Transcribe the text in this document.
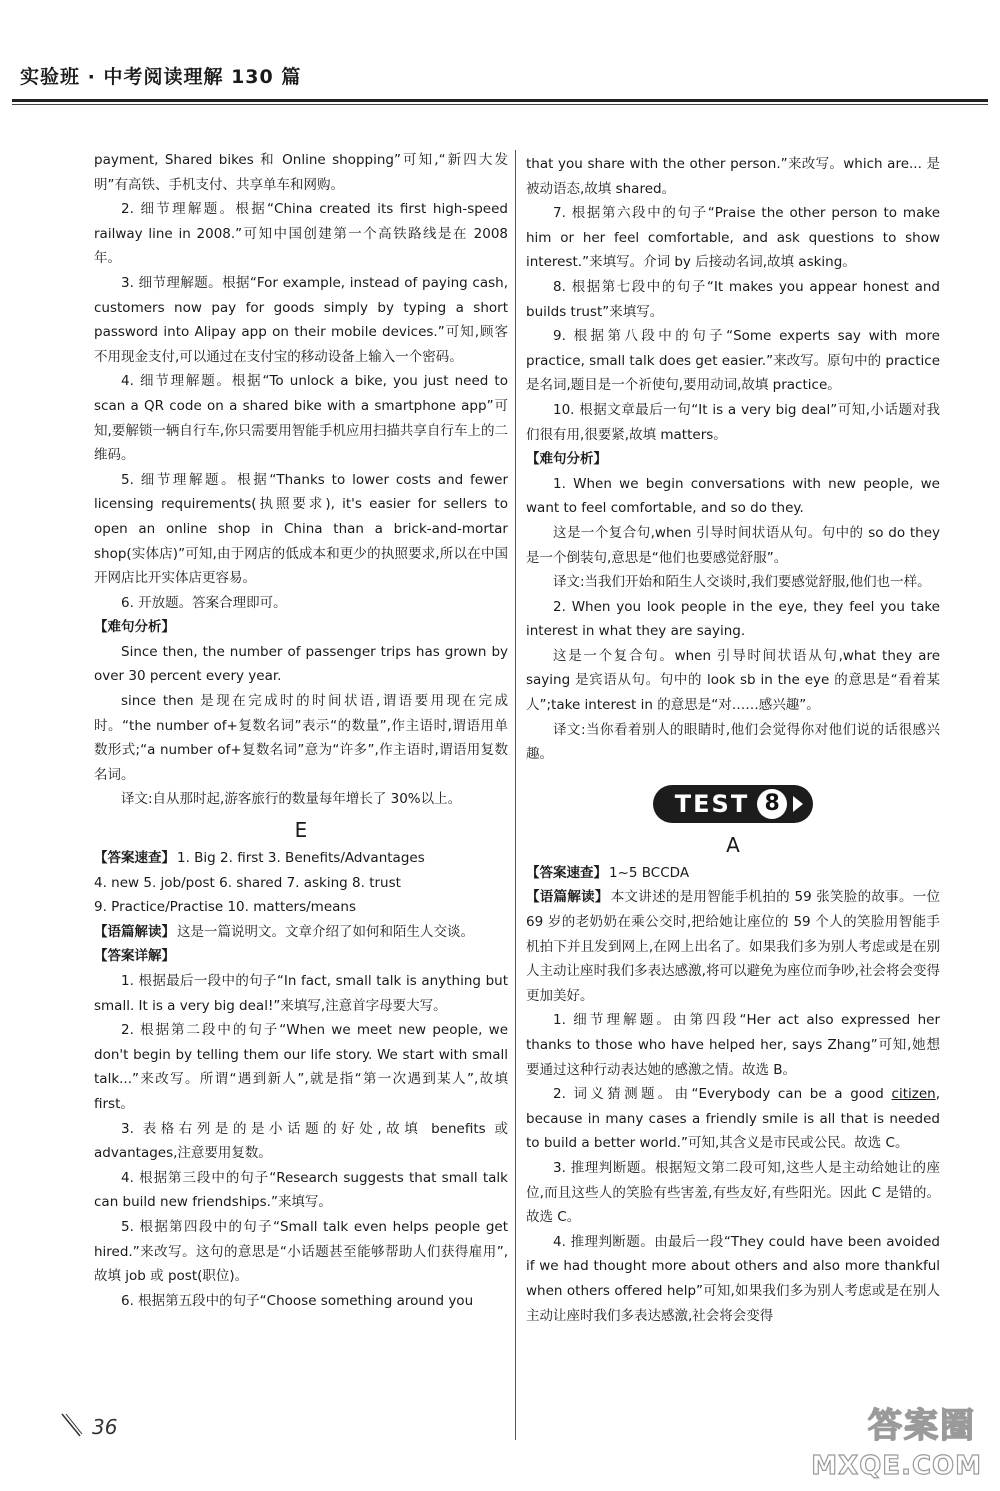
实验班 · 中考阅读理解 130 篇

payment, Shared bikes 和 Online shopping”可知,“新四大发明”有高铁、手机支付、共享单车和网购。

2. 细节理解题。根据“China created its first high-speed railway line in 2008.”可知中国创建第一个高铁路线是在 2008 年。

3. 细节理解题。根据“For example, instead of paying cash, customers now pay for goods simply by typing a short password into Alipay app on their mobile devices.”可知,顾客不用现金支付,可以通过在支付宝的移动设备上输入一个密码。

4. 细节理解题。根据“To unlock a bike, you just need to scan a QR code on a shared bike with a smartphone app”可知,要解锁一辆自行车,你只需要用智能手机应用扫描共享自行车上的二维码。

5. 细节理解题。根据“Thanks to lower costs and fewer licensing requirements(执照要求), it's easier for sellers to open an online shop in China than a brick-and-mortar shop(实体店)”可知,由于网店的低成本和更少的执照要求,所以在中国开网店比开实体店更容易。

6. 开放题。答案合理即可。

【难句分析】

Since then, the number of passenger trips has grown by over 30 percent every year.

since then 是现在完成时的时间状语,谓语要用现在完成时。“the number of+复数名词”表示“的数量”,作主语时,谓语用单数形式;“a number of+复数名词”意为“许多”,作主语时,谓语用复数名词。

译文:自从那时起,游客旅行的数量每年增长了 30%以上。

E

【答案速查】 1. Big 2. first 3. Benefits/Advantages

4. new 5. job/post 6. shared 7. asking 8. trust

9. Practice/Practise 10. matters/means

【语篇解读】 这是一篇说明文。文章介绍了如何和陌生人交谈。

【答案详解】

1. 根据最后一段中的句子“In fact, small talk is anything but small. It is a very big deal!”来填写,注意首字母要大写。

2. 根据第二段中的句子“When we meet new people, we don't begin by telling them our life story. We start with small talk...”来改写。所谓“遇到新人”,就是指“第一次遇到某人”,故填 first。

3. 表格右列是的是小话题的好处,故填 benefits 或 advantages,注意要用复数。

4. 根据第三段中的句子“Research suggests that small talk can build new friendships.”来填写。

5. 根据第四段中的句子“Small talk even helps people get hired.”来改写。这句的意思是“小话题甚至能够帮助人们获得雇用”,故填 job 或 post(职位)。

6. 根据第五段中的句子“Choose something around you

that you share with the other person.”来改写。which are... 是被动语态,故填 shared。

7. 根据第六段中的句子“Praise the other person to make him or her feel comfortable, and ask questions to show interest.”来填写。介词 by 后接动名词,故填 asking。

8. 根据第七段中的句子“It makes you appear honest and builds trust”来填写。

9. 根据第八段中的句子“Some experts say with more practice, small talk does get easier.”来改写。原句中的 practice 是名词,题目是一个祈使句,要用动词,故填 practice。

10. 根据文章最后一句“It is a very big deal”可知,小话题对我们很有用,很要紧,故填 matters。

【难句分析】

1. When we begin conversations with new people, we want to feel comfortable, and so do they.

这是一个复合句,when 引导时间状语从句。句中的 so do they 是一个倒装句,意思是“他们也要感觉舒服”。

译文:当我们开始和陌生人交谈时,我们要感觉舒服,他们也一样。

2. When you look people in the eye, they feel you take interest in what they are saying.

这是一个复合句。when 引导时间状语从句,what they are saying 是宾语从句。句中的 look sb in the eye 的意思是“看着某人”;take interest in 的意思是“对……感兴趣”。

译文:当你看着别人的眼睛时,他们会觉得你对他们说的话很感兴趣。

TEST 8
A

【答案速查】 1~5 BCCDA

【语篇解读】 本文讲述的是用智能手机拍的 59 张笑脸的故事。一位 69 岁的老奶奶在乘公交时,把给她让座位的 59 个人的笑脸用智能手机拍下并且发到网上,在网上出名了。如果我们多为别人考虑或是在别人主动让座时我们多表达感激,将可以避免为座位而争吵,社会将会变得更加美好。

1. 细节理解题。由第四段“Her act also expressed her thanks to those who have helped her, says Zhang”可知,她想要通过这种行动表达她的感激之情。故选 B。

2. 词义猜测题。由“Everybody can be a good citizen, because in many cases a friendly smile is all that is needed to build a better world.”可知,其含义是市民或公民。故选 C。

3. 推理判断题。根据短文第二段可知,这些人是主动给她让的座位,而且这些人的笑脸有些害羞,有些友好,有些阳光。因此 C 是错的。故选 C。

4. 推理判断题。由最后一段“They could have been avoided if we had thought more about others and also more thankful when others offered help”可知,如果我们多为别人考虑或是在别人主动让座时我们多表达感激,社会将会变得

36	答案圈
MXQE.COM
